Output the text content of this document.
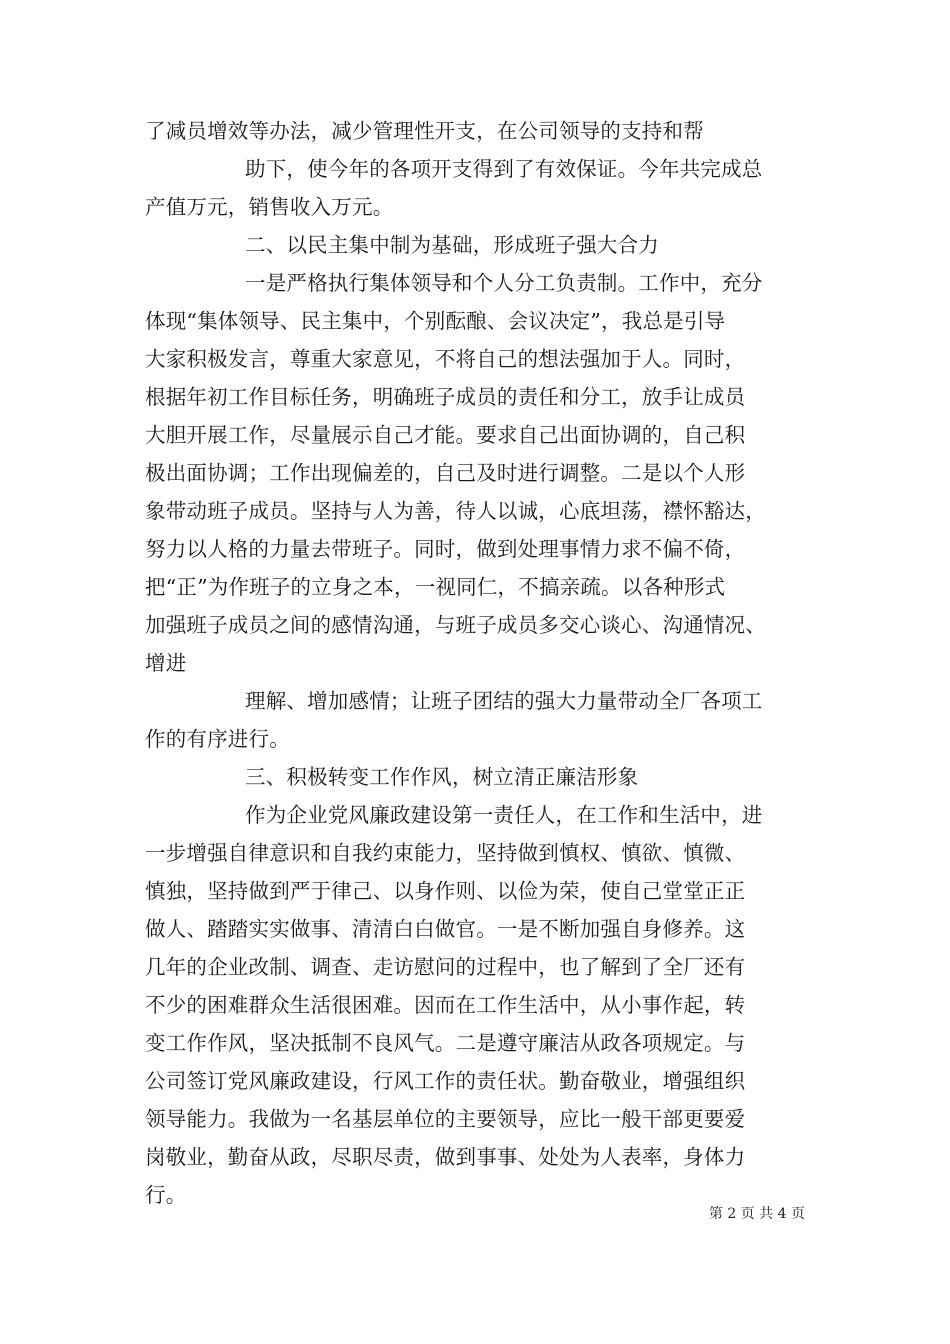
了减员增效等办法，减少管理性开支，在公司领导的支持和帮
助下，使今年的各项开支得到了有效保证。今年共完成总
产值万元，销售收入万元。
二、以民主集中制为基础，形成班子强大合力
一是严格执行集体领导和个人分工负责制。工作中，充分
体现“集体领导、民主集中，个别酝酿、会议决定”，我总是引导
大家积极发言，尊重大家意见，不将自己的想法强加于人。同时，
根据年初工作目标任务，明确班子成员的责任和分工，放手让成员
大胆开展工作，尽量展示自己才能。要求自己出面协调的，自己积
极出面协调；工作出现偏差的，自己及时进行调整。二是以个人形
象带动班子成员。坚持与人为善，待人以诚，心底坦荡，襟怀豁达，
努力以人格的力量去带班子。同时，做到处理事情力求不偏不倚，
把“正”为作班子的立身之本，一视同仁，不搞亲疏。以各种形式
加强班子成员之间的感情沟通，与班子成员多交心谈心、沟通情况、
增进
理解、增加感情；让班子团结的强大力量带动全厂各项工
作的有序进行。
三、积极转变工作作风，树立清正廉洁形象
作为企业党风廉政建设第一责任人，在工作和生活中，进
一步增强自律意识和自我约束能力，坚持做到慎权、慎欲、慎微、
慎独，坚持做到严于律己、以身作则、以俭为荣，使自己堂堂正正
做人、踏踏实实做事、清清白白做官。一是不断加强自身修养。这
几年的企业改制、调查、走访慰问的过程中，也了解到了全厂还有
不少的困难群众生活很困难。因而在工作生活中，从小事作起，转
变工作作风，坚决抵制不良风气。二是遵守廉洁从政各项规定。与
公司签订党风廉政建设，行风工作的责任状。勤奋敬业，增强组织
领导能力。我做为一名基层单位的主要领导，应比一般干部更要爱
岗敬业，勤奋从政，尽职尽责，做到事事、处处为人表率，身体力
行。
第 2 页 共 4 页
